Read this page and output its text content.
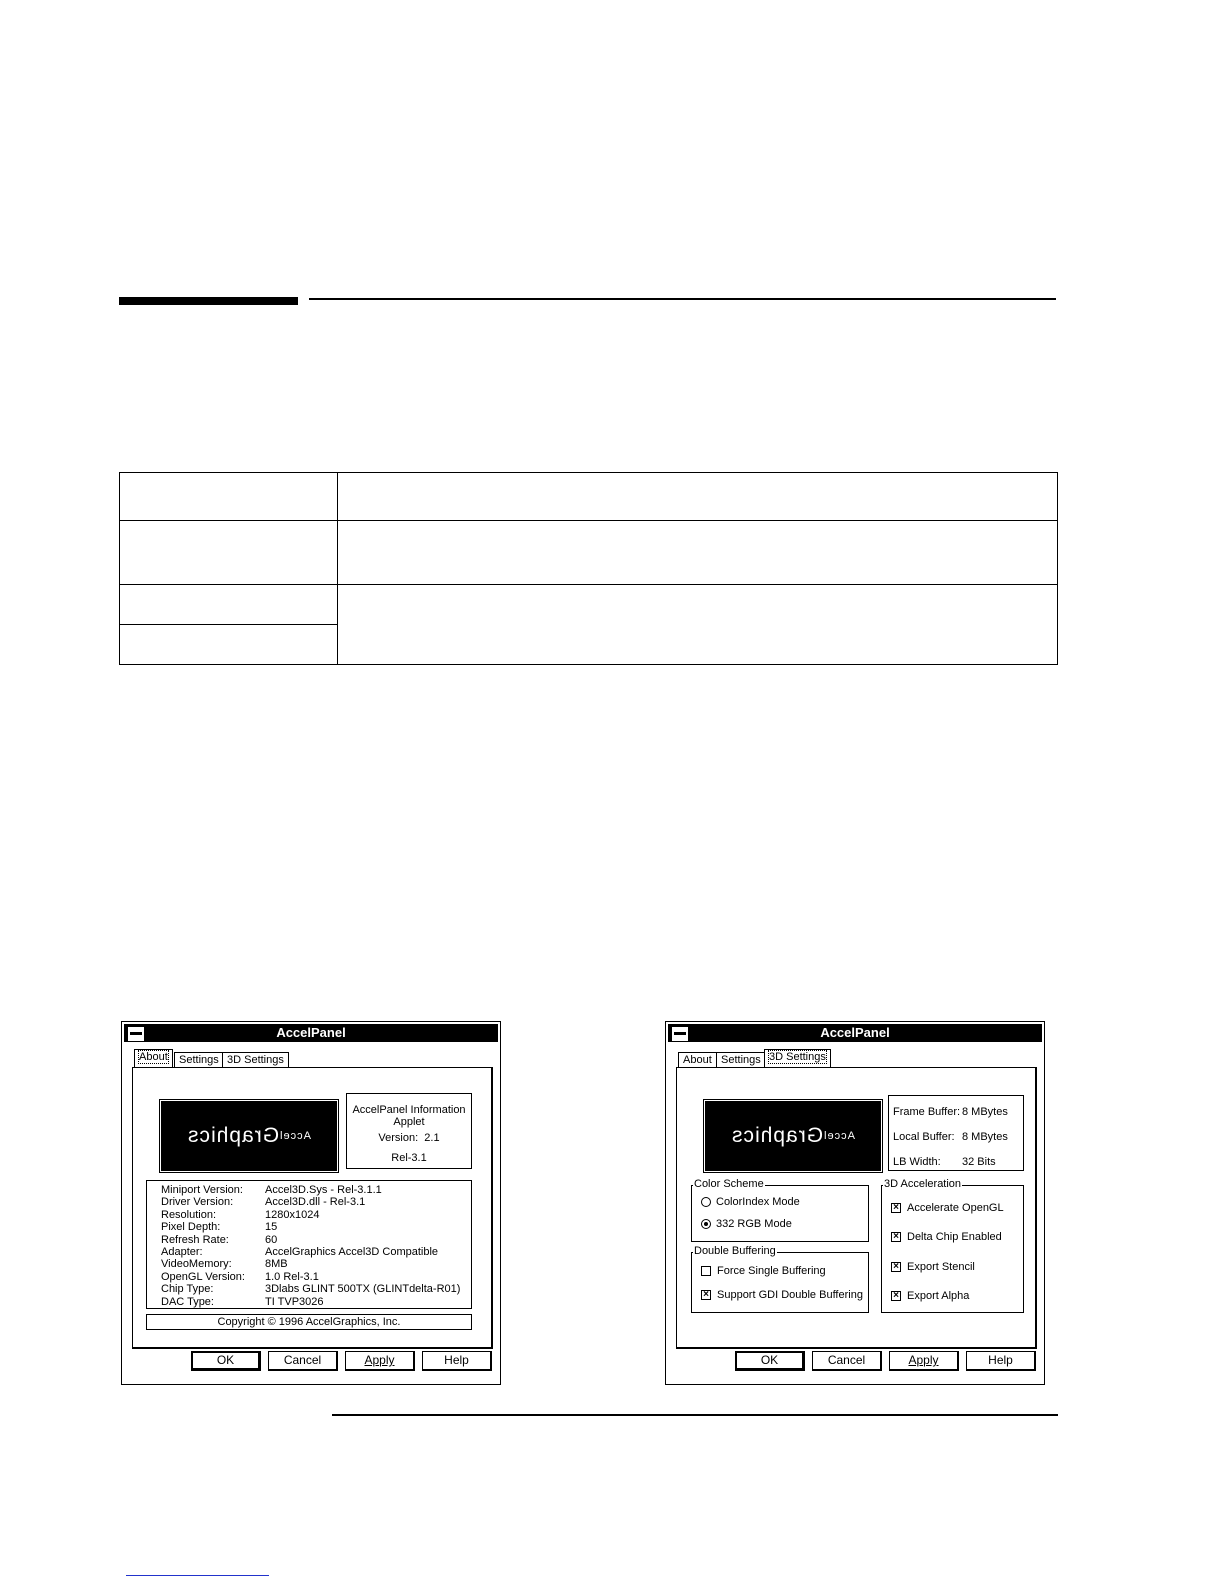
AccelPanel
About	Settings 3D Settings
Accel
Graphics
AccelPanel Information
Applet
Version: 2.1
Rel-3.1
Miniport Version: Accel3D.Sys - Rel-3.1.1
Driver Version:	Accel3D.dll - Rel-3.1
Resolution:	1280x1024
Pixel Depth:	15
Refresh Rate:	60
Adapter:	AccelGraphics Accel3D Compatible
VideoMemory:	8MB
OpenGL Version: 1.0 Rel-3.1
Chip Type:	3Dlabs GLINT 500TX (GLINTdelta-R01)
DAC Type:	TI TVP3026
Copyright © 1996 AccelGraphics, Inc.
OK	Cancel	Apply	Help
AccelPanel
About Settings 3D Settings
Accel
Graphics
Frame Buffer: 8 MBytes
Local Buffer: 8 MBytes
LB Width: 32 Bits
Color Scheme
ColorIndex Mode
332 RGB Mode
Double Buffering
Force Single Buffering
× Support GDI Double Buffering
3D Acceleration
× Accelerate OpenGL
× Delta Chip Enabled
× Export Stencil
× Export Alpha
OK	Cancel	Apply	Help
